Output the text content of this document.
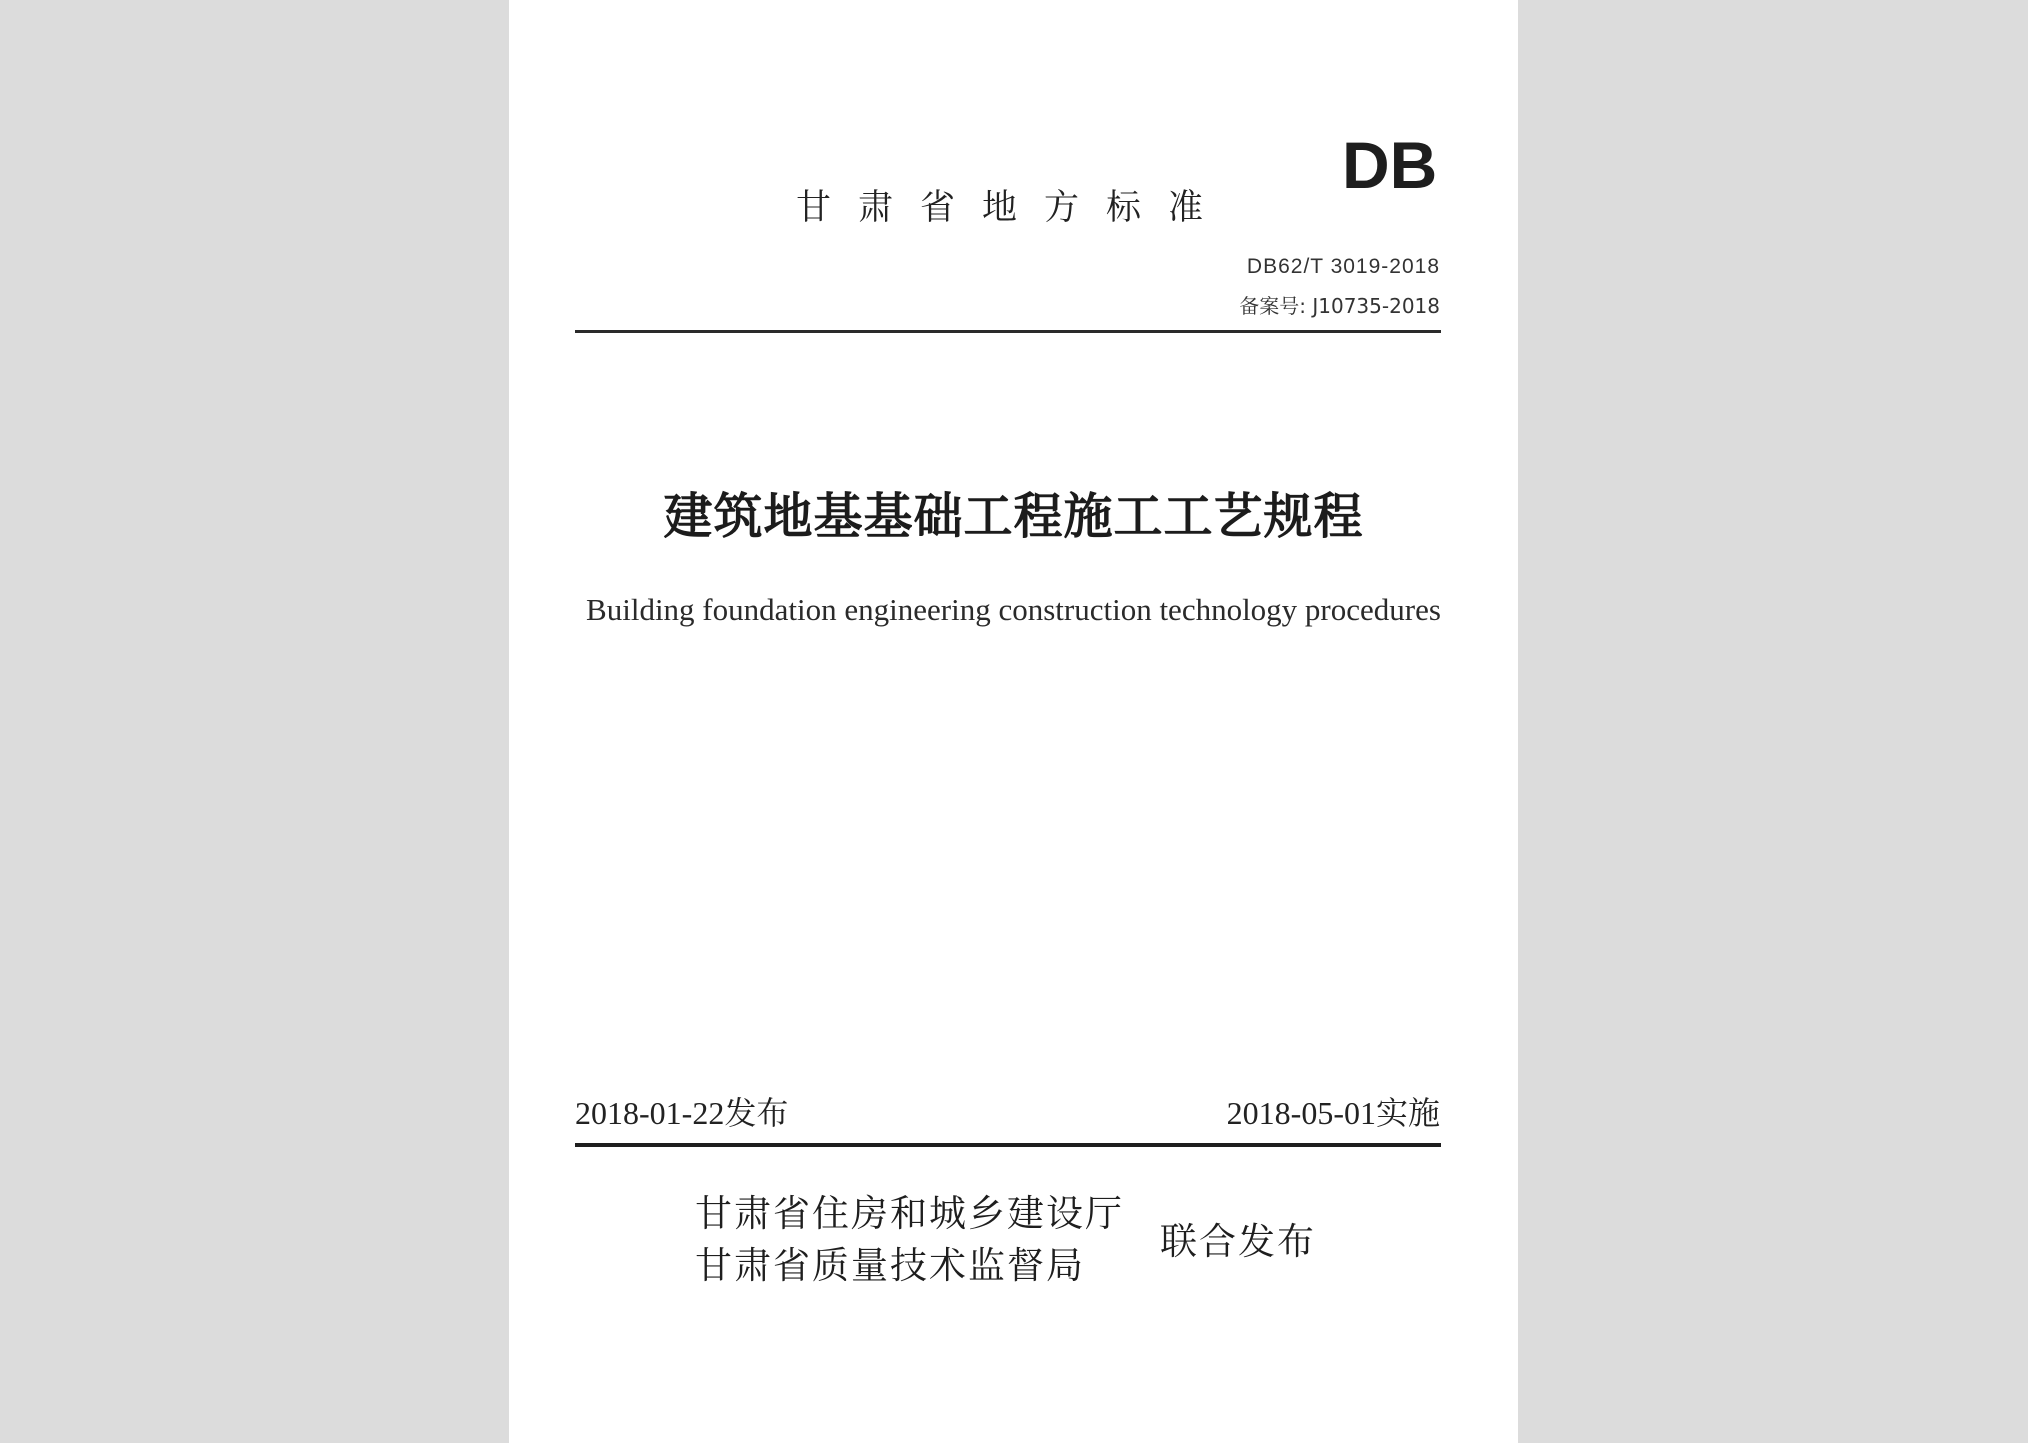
DB
甘肃省地方标准
DB62/T 3019-2018
备案号: J10735-2018
建筑地基基础工程施工工艺规程
Building foundation engineering construction technology procedures
2018-01-22发布	2018-05-01实施
甘肃省住房和城乡建设厅
甘肃省质量技术监督局
联合发布
